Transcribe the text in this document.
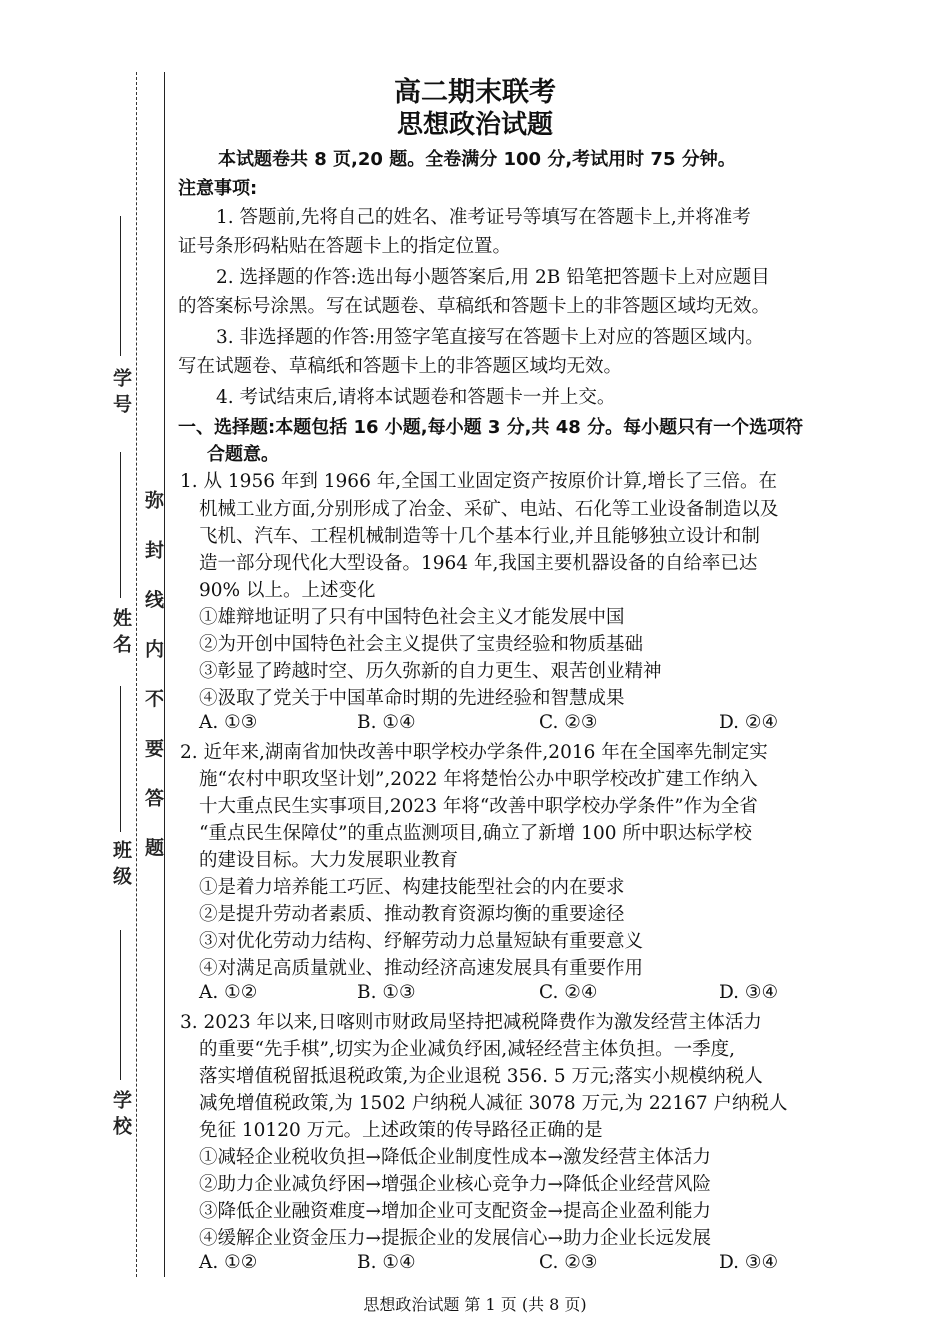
学 号
姓 名
班 级
学 校
弥 封 线 内 不 要 答 题
高二期末联考
思想政治试题
本试题卷共 8 页,20 题。全卷满分 100 分,考试用时 75 分钟。
注意事项:
1. 答题前,先将自己的姓名、准考证号等填写在答题卡上,并将准考
证号条形码粘贴在答题卡上的指定位置。
2. 选择题的作答:选出每小题答案后,用 2B 铅笔把答题卡上对应题目
的答案标号涂黑。写在试题卷、草稿纸和答题卡上的非答题区域均无效。
3. 非选择题的作答:用签字笔直接写在答题卡上对应的答题区域内。
写在试题卷、草稿纸和答题卡上的非答题区域均无效。
4. 考试结束后,请将本试题卷和答题卡一并上交。
一、选择题:本题包括 16 小题,每小题 3 分,共 48 分。每小题只有一个选项符
合题意。
1. 从 1956 年到 1966 年,全国工业固定资产按原价计算,增长了三倍。在
机械工业方面,分别形成了冶金、采矿、电站、石化等工业设备制造以及
飞机、汽车、工程机械制造等十几个基本行业,并且能够独立设计和制
造一部分现代化大型设备。1964 年,我国主要机器设备的自给率已达
90% 以上。上述变化
①雄辩地证明了只有中国特色社会主义才能发展中国
②为开创中国特色社会主义提供了宝贵经验和物质基础
③彰显了跨越时空、历久弥新的自力更生、艰苦创业精神
④汲取了党关于中国革命时期的先进经验和智慧成果
A. ①③	B. ①④	C. ②③	D. ②④
2. 近年来,湖南省加快改善中职学校办学条件,2016 年在全国率先制定实
施“农村中职攻坚计划”,2022 年将楚怡公办中职学校改扩建工作纳入
十大重点民生实事项目,2023 年将“改善中职学校办学条件”作为全省
“重点民生保障仗”的重点监测项目,确立了新增 100 所中职达标学校
的建设目标。大力发展职业教育
①是着力培养能工巧匠、构建技能型社会的内在要求
②是提升劳动者素质、推动教育资源均衡的重要途径
③对优化劳动力结构、纾解劳动力总量短缺有重要意义
④对满足高质量就业、推动经济高速发展具有重要作用
A. ①②	B. ①③	C. ②④	D. ③④
3. 2023 年以来,日喀则市财政局坚持把减税降费作为激发经营主体活力
的重要“先手棋”,切实为企业减负纾困,减轻经营主体负担。一季度,
落实增值税留抵退税政策,为企业退税 356. 5 万元;落实小规模纳税人
减免增值税政策,为 1502 户纳税人减征 3078 万元,为 22167 户纳税人
免征 10120 万元。上述政策的传导路径正确的是
①减轻企业税收负担→降低企业制度性成本→激发经营主体活力
②助力企业减负纾困→增强企业核心竞争力→降低企业经营风险
③降低企业融资难度→增加企业可支配资金→提高企业盈利能力
④缓解企业资金压力→提振企业的发展信心→助力企业长远发展
A. ①②	B. ①④	C. ②③	D. ③④
思想政治试题 第 1 页 (共 8 页)
